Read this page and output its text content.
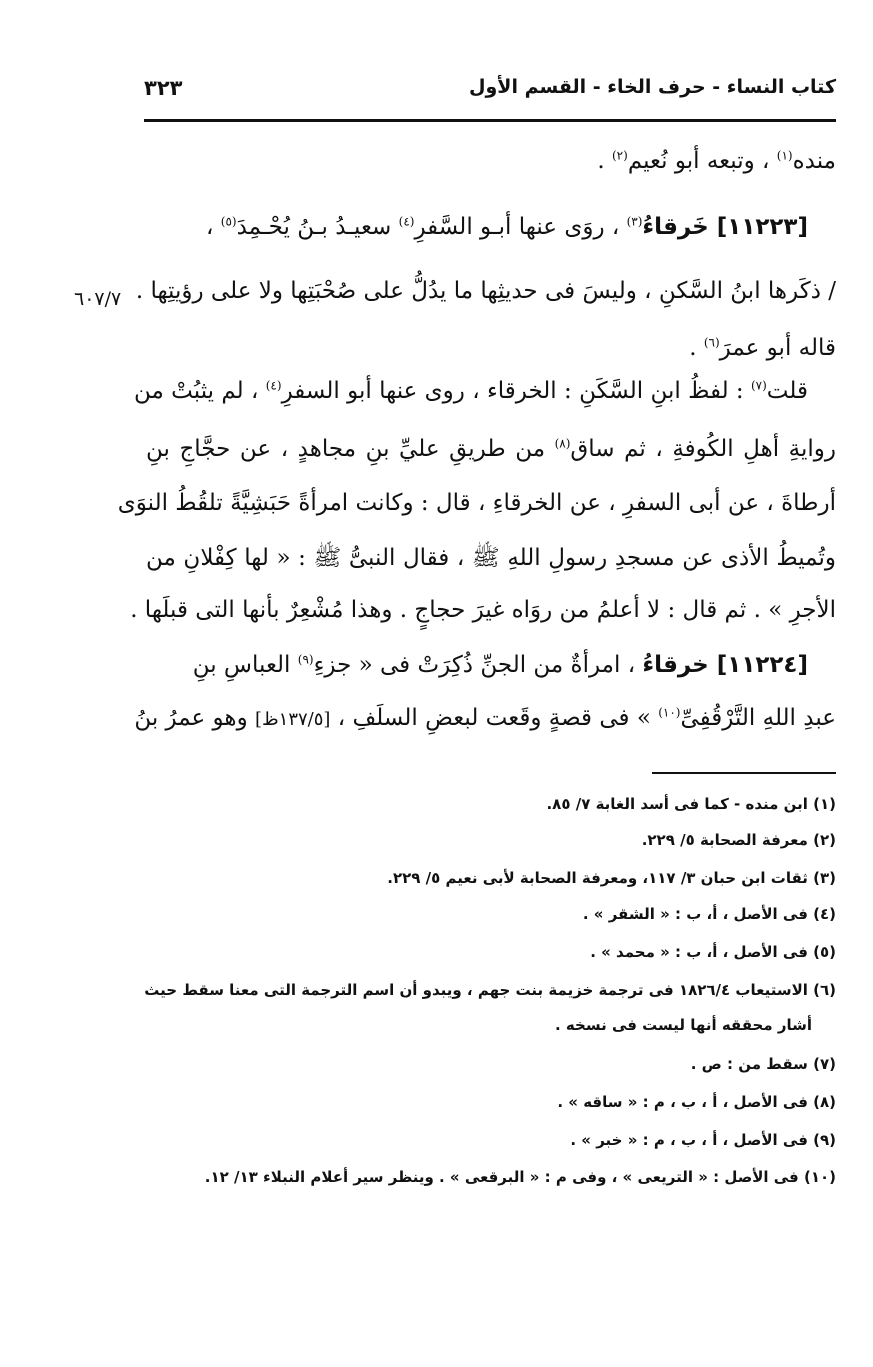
كتاب النساء - حرف الخاء - القسم الأول
٣٢٣
منده$^{(١)}$ ، وتبعه أبو نُعيم$^{(٢)}$ .
[١١٢٢٣] خَرقاءُ$^{(٣)}$ ، روَى عنها أبـو السَّفرِ$^{(٤)}$ سعيـدُ بـنُ يُحْـمِدَ$^{(٥)}$ ،
/ ذكَرها ابنُ السَّكنِ ، وليسَ فى حديثِها ما يدُلُّ على صُحْبَتِها ولا على رؤيتِها .
قاله أبو عمرَ$^{(٦)}$ .
قلت$^{(٧)}$ : لفظُ ابنِ السَّكَنِ : الخرقاء ، روى عنها أبو السفرِ$^{(٤)}$ ، لم يثبُتْ من
روايةِ أهلِ الكُوفةِ ، ثم ساق$^{(٨)}$ من طريقِ عليِّ بنِ مجاهدٍ ، عن حجَّاجِ بنِ
أرطاةَ ، عن أبى السفرِ ، عن الخرقاءِ ، قال : وكانت امرأةً حَبَشِيَّةً تلقُطُ النوَى
وتُميطُ الأذى عن مسجدِ رسولِ اللهِ ﷺ ، فقال النبىُّ ﷺ : « لها كِفْلانِ من
الأجرِ » . ثم قال : لا أعلمُ من روَاه غيرَ حجاجٍ . وهذا مُشْعِرٌ بأنها التى قبلَها .
[١١٢٢٤] خرقاءُ ، امرأةٌ من الجنِّ ذُكِرَتْ فى « جزءِ$^{(٩)}$ العباسِ بنِ
عبدِ اللهِ التَّرْقُفِىِّ$^{(١٠)}$ » فى قصةٍ وقَعت لبعضِ السلَفِ ، [١٣٧/٥ظ] وهو عمرُ بنُ
٦٠٧/٧
(١) ابن منده - كما فى أسد الغابة ٧/ ٨٥.
(٢) معرفة الصحابة ٥/ ٢٢٩.
(٣) ثقات ابن حبان ٣/ ١١٧، ومعرفة الصحابة لأبى نعيم ٥/ ٢٢٩.
(٤) فى الأصل ، أ، ب : « الشقر » .
(٥) فى الأصل ، أ، ب : « محمد » .
(٦) الاستيعاب ١٨٢٦/٤ فى ترجمة خزيمة بنت جهم ، ويبدو أن اسم الترجمة التى معنا سقط حيث
أشار محققه أنها ليست فى نسخه .
(٧) سقط من : ص .
(٨) فى الأصل ، أ ، ب ، م : « ساقه » .
(٩) فى الأصل ، أ ، ب ، م : « خبر » .
(١٠) فى الأصل : « التريعى » ، وفى م : « البرقعى » . وينظر سير أعلام النبلاء ١٣/ ١٢.
